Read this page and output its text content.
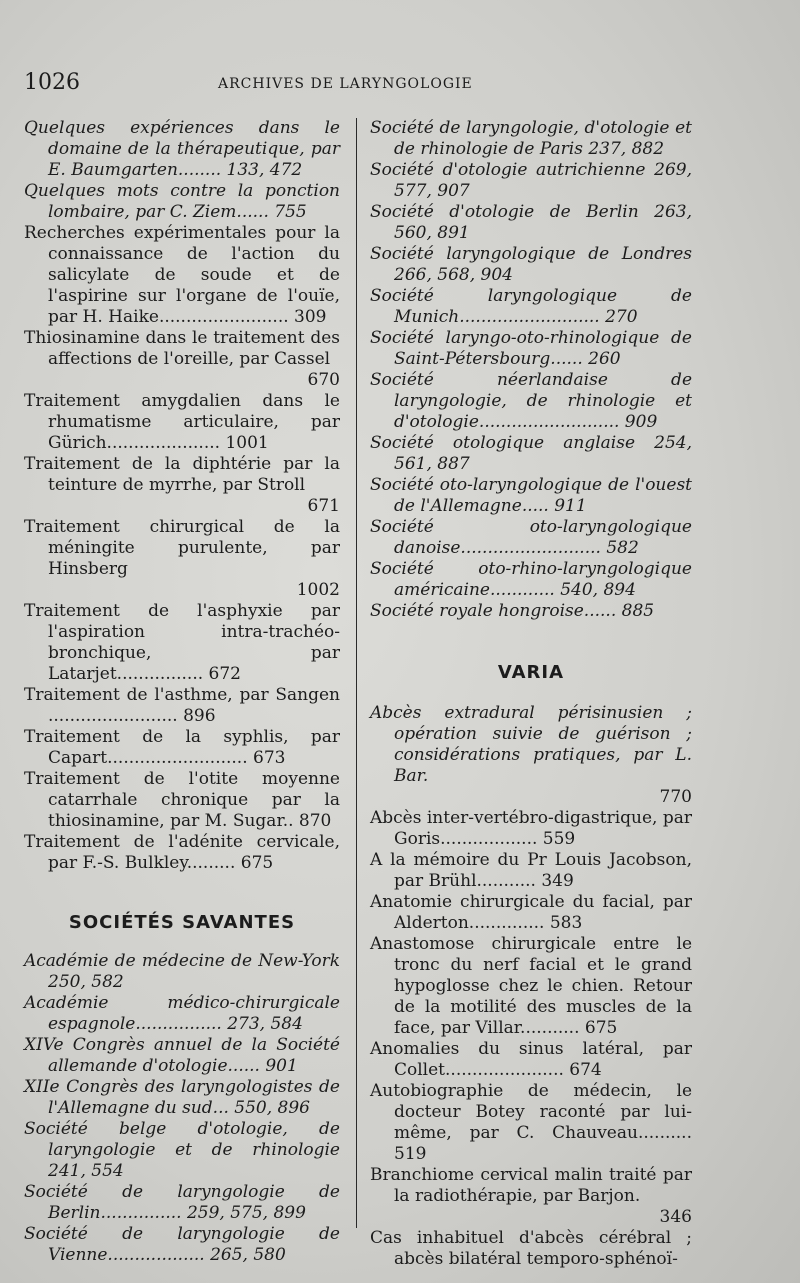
1026	ARCHIVES DE LARYNGOLOGIE
Quelques expériences dans le domaine de la thérapeutique, par E. Baumgarten........ 133, 472
Quelques mots contre la ponction lombaire, par C. Ziem...... 755
Recherches expérimentales pour la connaissance de l'action du salicylate de soude et de l'aspirine sur l'organe de l'ouïe, par H. Haike........................ 309
Thiosinamine dans le traitement des affections de l'oreille, par Cassel
670
Traitement amygdalien dans le rhumatisme articulaire, par Gürich..................... 1001
Traitement de la diphtérie par la teinture de myrrhe, par Stroll
671
Traitement chirurgical de la méningite purulente, par Hinsberg
1002
Traitement de l'asphyxie par l'aspiration intra-trachéo-bronchique, par Latarjet................ 672
Traitement de l'asthme, par Sangen ........................ 896
Traitement de la syphlis, par Capart.......................... 673
Traitement de l'otite moyenne catarrhale chronique par la thiosinamine, par M. Sugar.. 870
Traitement de l'adénite cervicale, par F.-S. Bulkley......... 675
SOCIÉTÉS SAVANTES
Académie de médecine de New-York 250, 582
Académie médico-chirurgicale espagnole................ 273, 584
XIVe Congrès annuel de la Société allemande d'otologie...... 901
XIIe Congrès des laryngologistes de l'Allemagne du sud... 550, 896
Société belge d'otologie, de laryngologie et de rhinologie 241, 554
Société de laryngologie de Berlin............... 259, 575, 899
Société de laryngologie de Vienne.................. 265, 580
Société de laryngologie, d'otologie et de rhinologie de Paris 237, 882
Société d'otologie autrichienne 269, 577, 907
Société d'otologie de Berlin 263, 560, 891
Société laryngologique de Londres 266, 568, 904
Société laryngologique de Munich.......................... 270
Société laryngo-oto-rhinologique de Saint-Pétersbourg...... 260
Société néerlandaise de laryngologie, de rhinologie et d'otologie.......................... 909
Société otologique anglaise 254, 561, 887
Société oto-laryngologique de l'ouest de l'Allemagne..... 911
Société oto-laryngologique danoise.......................... 582
Société oto-rhino-laryngologique américaine............ 540, 894
Société royale hongroise...... 885
VARIA
Abcès extradural périsinusien ; opération suivie de guérison ; considérations pratiques, par L. Bar.
770
Abcès inter-vertébro-digastrique, par Goris.................. 559
A la mémoire du Pr Louis Jacobson, par Brühl........... 349
Anatomie chirurgicale du facial, par Alderton.............. 583
Anastomose chirurgicale entre le tronc du nerf facial et le grand hypoglosse chez le chien. Retour de la motilité des muscles de la face, par Villar........... 675
Anomalies du sinus latéral, par Collet...................... 674
Autobiographie de médecin, le docteur Botey raconté par lui-même, par C. Chauveau.......... 519
Branchiome cervical malin traité par la radiothérapie, par Barjon.
346
Cas inhabituel d'abcès cérébral ; abcès bilatéral temporo-sphénoï-
